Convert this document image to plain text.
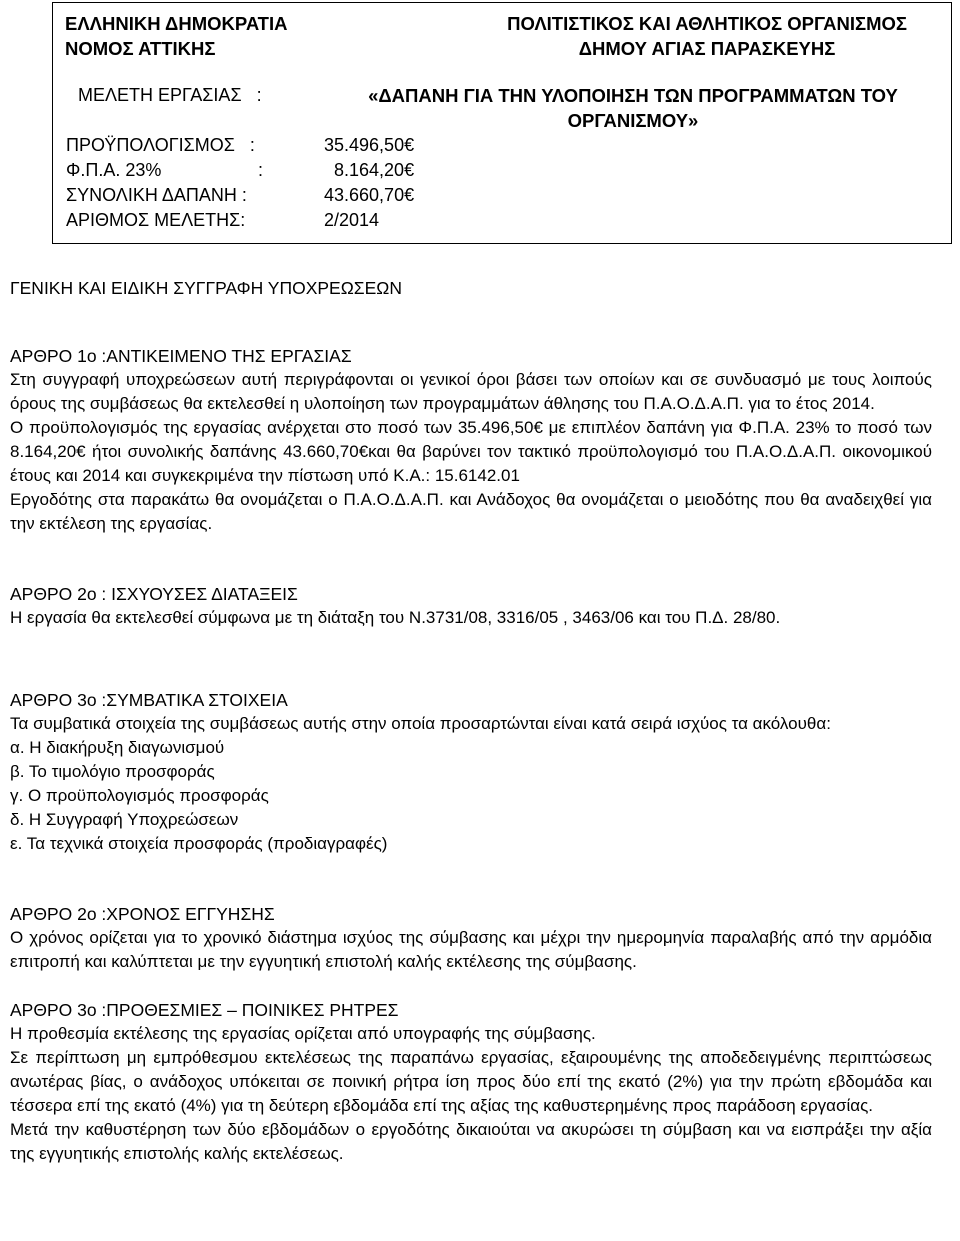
ΕΛΛΗΝΙΚΗ ΔΗΜΟΚΡΑΤΙΑ
ΝΟΜΟΣ ΑΤΤΙΚΗΣ
ΠΟΛΙΤΙΣΤΙΚΟΣ ΚΑΙ ΑΘΛΗΤΙΚΟΣ ΟΡΓΑΝΙΣΜΟΣ
ΔΗΜΟΥ ΑΓΙΑΣ ΠΑΡΑΣΚΕΥΗΣ
ΜΕΛΕΤΗ ΕΡΓΑΣΙΑΣ   :	«ΔΑΠΑΝΗ ΓΙΑ ΤΗΝ ΥΛΟΠΟΙΗΣΗ ΤΩΝ ΠΡΟΓΡΑΜΜΑΤΩΝ ΤΟΥ
ΟΡΓΑΝΙΣΜΟΥ»
ΠΡΟΫΠΟΛΟΓΙΣΜΟΣ   :	35.496,50€
Φ.Π.Α. 23%	:	8.164,20€
ΣΥΝΟΛΙΚΗ ΔΑΠΑΝΗ :	43.660,70€
ΑΡΙΘΜΟΣ ΜΕΛΕΤΗΣ:	2/2014
ΓΕΝΙΚΗ ΚΑΙ ΕΙΔΙΚΗ ΣΥΓΓΡΑΦΗ ΥΠΟΧΡΕΩΣΕΩΝ
ΑΡΘΡΟ 1ο :ΑΝΤΙΚΕΙΜΕΝΟ ΤΗΣ ΕΡΓΑΣΙΑΣ

Στη συγγραφή υποχρεώσεων αυτή περιγράφονται οι γενικοί όροι βάσει των οποίων και σε συνδυασμό με τους λοιπούς όρους της συμβάσεως θα εκτελεσθεί η υλοποίηση των προγραμμάτων άθλησης του Π.Α.Ο.Δ.Α.Π. για το έτος 2014.

Ο προϋπολογισμός της εργασίας ανέρχεται στο ποσό των 35.496,50€ με επιπλέον δαπάνη για Φ.Π.Α. 23% το ποσό των 8.164,20€ ήτοι συνολικής δαπάνης 43.660,70€και θα βαρύνει τον τακτικό προϋπολογισμό του Π.Α.Ο.Δ.Α.Π. οικονομικού έτους και 2014 και συγκεκριμένα την πίστωση υπό Κ.Α.: 15.6142.01

Εργοδότης στα παρακάτω θα ονομάζεται ο Π.Α.Ο.Δ.Α.Π. και Ανάδοχος θα ονομάζεται ο μειοδότης που θα αναδειχθεί για την εκτέλεση της εργασίας.

ΑΡΘΡΟ 2ο : ΙΣΧΥΟΥΣΕΣ ΔΙΑΤΑΞΕΙΣ

Η εργασία θα εκτελεσθεί σύμφωνα με τη διάταξη του Ν.3731/08, 3316/05 , 3463/06 και του Π.Δ. 28/80.

ΑΡΘΡΟ 3ο :ΣΥΜΒΑΤΙΚΑ ΣΤΟΙΧΕΙΑ

Τα συμβατικά στοιχεία της συμβάσεως αυτής στην οποία προσαρτώνται είναι κατά σειρά ισχύος τα ακόλουθα:

α. Η διακήρυξη διαγωνισμού

β. Το τιμολόγιο προσφοράς

γ. Ο προϋπολογισμός προσφοράς

δ. Η Συγγραφή Υποχρεώσεων

ε. Τα τεχνικά στοιχεία προσφοράς (προδιαγραφές)

ΑΡΘΡΟ 2ο :ΧΡΟΝΟΣ ΕΓΓΥΗΣΗΣ

Ο χρόνος ορίζεται για το χρονικό διάστημα ισχύος της σύμβασης και μέχρι την ημερομηνία παραλαβής από την αρμόδια επιτροπή και καλύπτεται με την εγγυητική επιστολή καλής εκτέλεσης της σύμβασης.

ΑΡΘΡΟ 3ο :ΠΡΟΘΕΣΜΙΕΣ – ΠΟΙΝΙΚΕΣ ΡΗΤΡΕΣ

Η προθεσμία εκτέλεσης της εργασίας ορίζεται από υπογραφής της σύμβασης.

Σε περίπτωση μη εμπρόθεσμου εκτελέσεως της παραπάνω εργασίας, εξαιρουμένης της αποδεδειγμένης περιπτώσεως ανωτέρας βίας, ο ανάδοχος υπόκειται σε ποινική ρήτρα ίση προς δύο επί της εκατό (2%) για την πρώτη εβδομάδα και τέσσερα επί της εκατό (4%) για τη δεύτερη εβδομάδα επί της αξίας της καθυστερημένης προς παράδοση εργασίας.

Μετά την καθυστέρηση των δύο εβδομάδων ο εργοδότης δικαιούται να ακυρώσει τη σύμβαση και να εισπράξει την αξία της εγγυητικής επιστολής καλής εκτελέσεως.
